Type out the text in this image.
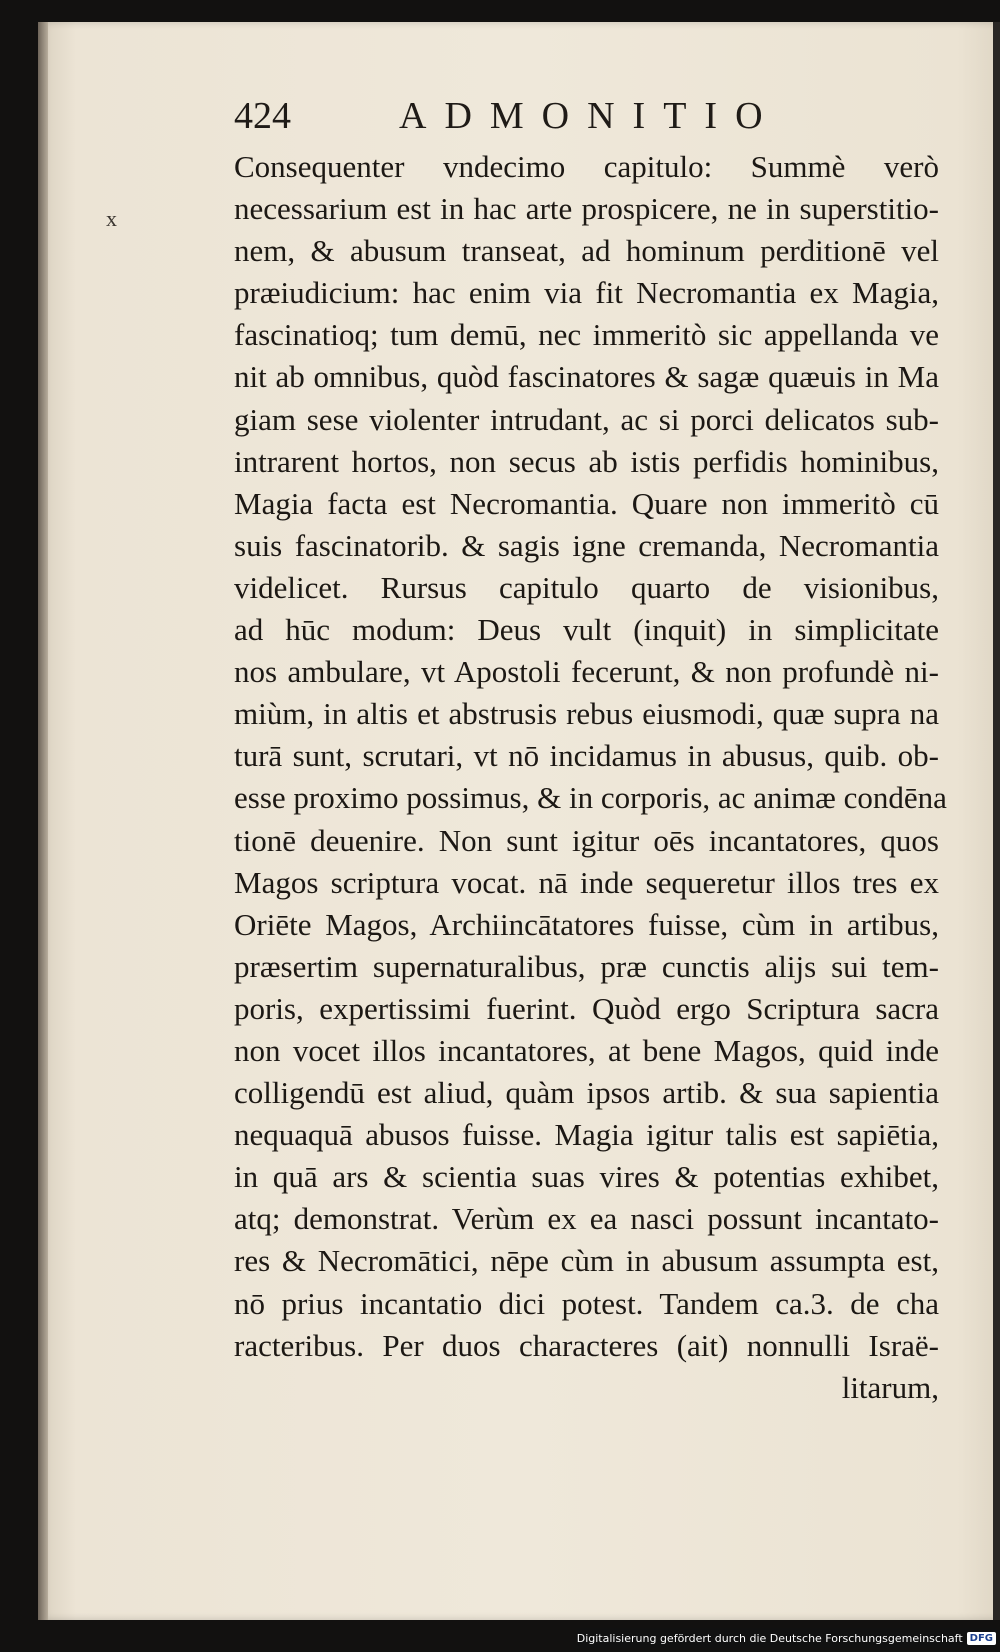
424	ADMONITIO
x
Consequenter vndecimo capitulo: Summè verò
necessarium est in hac arte prospicere, ne in superstitio-
nem, & abusum transeat, ad hominum perditionē vel
præiudicium: hac enim via fit Necromantia ex Magia,
fascinatioq; tum demū, nec immeritò sic appellanda ve
nit ab omnibus, quòd fascinatores & sagæ quæuis in Ma
giam sese violenter intrudant, ac si porci delicatos sub-
intrarent hortos, non secus ab istis perfidis hominibus,
Magia facta est Necromantia. Quare non immeritò cū
suis fascinatorib. & sagis igne cremanda, Necromantia
videlicet. Rursus capitulo quarto de visionibus,
ad hūc modum: Deus vult (inquit) in simplicitate
nos ambulare, vt Apostoli fecerunt, & non profundè ni-
miùm, in altis et abstrusis rebus eiusmodi, quæ supra na
turā sunt, scrutari, vt nō incidamus in abusus, quib. ob-
esse proximo possimus, & in corporis, ac animæ condēna
tionē deuenire. Non sunt igitur oēs incantatores, quos
Magos scriptura vocat. nā inde sequeretur illos tres ex
Oriēte Magos, Archiincātatores fuisse, cùm in artibus,
præsertim supernaturalibus, præ cunctis alijs sui tem-
poris, expertissimi fuerint. Quòd ergo Scriptura sacra
non vocet illos incantatores, at bene Magos, quid inde
colligendū est aliud, quàm ipsos artib. & sua sapientia
nequaquā abusos fuisse. Magia igitur talis est sapiētia,
in quā ars & scientia suas vires & potentias exhibet,
atq; demonstrat. Verùm ex ea nasci possunt incantato-
res & Necromātici, nēpe cùm in abusum assumpta est,
nō prius incantatio dici potest. Tandem ca.3. de cha
racteribus. Per duos characteres (ait) nonnulli Israë-
litarum,
Digitalisierung gefördert durch die Deutsche Forschungsgemeinschaft DFG
